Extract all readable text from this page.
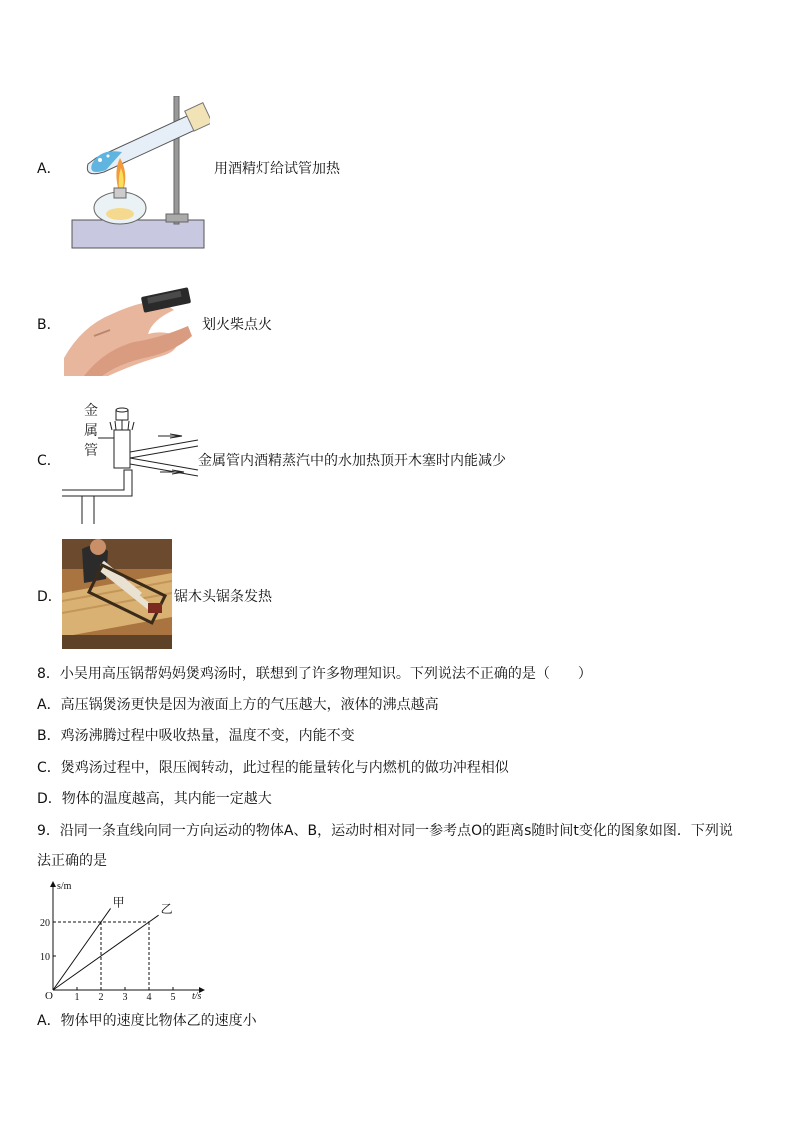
A．	用酒精灯给试管加热
B．	划火柴点火
C．
金
属
管
金属管内酒精蒸汽中的水加热顶开木塞时内能减少
D．	锯木头锯条发热
8．小吴用高压锅帮妈妈煲鸡汤时，联想到了许多物理知识。下列说法不正确的是（　　）
A．高压锅煲汤更快是因为液面上方的气压越大，液体的沸点越高
B．鸡汤沸腾过程中吸收热量，温度不变，内能不变
C．煲鸡汤过程中，限压阀转动，此过程的能量转化与内燃机的做功冲程相似
D．物体的温度越高，其内能一定越大
9．沿同一条直线向同一方向运动的物体A、B，运动时相对同一参考点O的距离s随时间t变化的图象如图．下列说
法正确的是
s/m
t/s
O 1 2 3 4 5
10
20
甲	乙
A．物体甲的速度比物体乙的速度小
